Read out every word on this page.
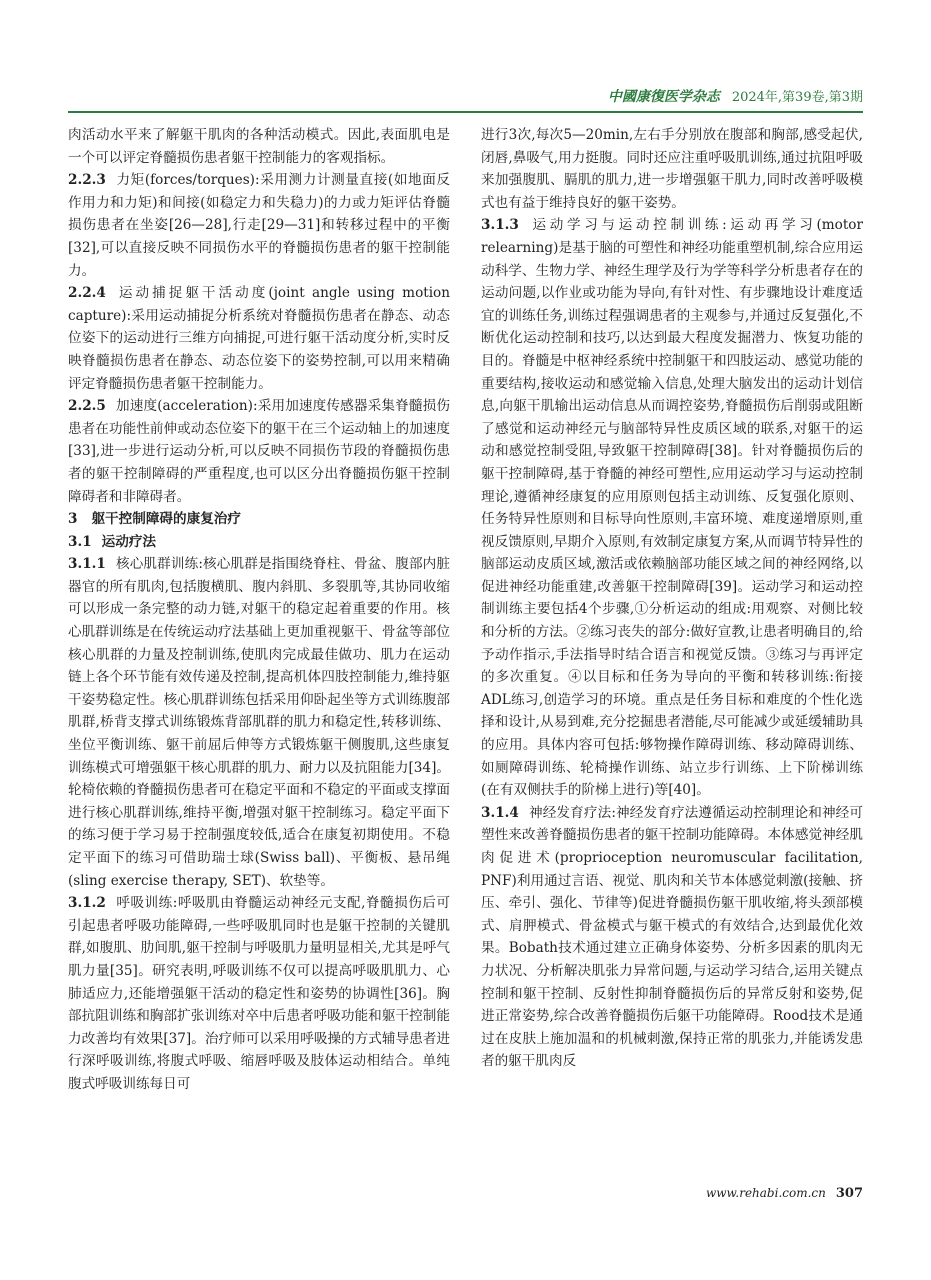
中國康復医学杂志 2024年,第39卷,第3期

肉活动水平来了解躯干肌肉的各种活动模式。因此,表面肌电是一个可以评定脊髓损伤患者躯干控制能力的客观指标。

2.2.3 力矩(forces/torques):采用测力计测量直接(如地面反作用力和力矩)和间接(如稳定力和失稳力)的力或力矩评估脊髓损伤患者在坐姿[26—28],行走[29—31]和转移过程中的平衡[32],可以直接反映不同损伤水平的脊髓损伤患者的躯干控制能力。

2.2.4 运动捕捉躯干活动度(joint angle using motion capture):采用运动捕捉分析系统对脊髓损伤患者在静态、动态位姿下的运动进行三维方向捕捉,可进行躯干活动度分析,实时反映脊髓损伤患者在静态、动态位姿下的姿势控制,可以用来精确评定脊髓损伤患者躯干控制能力。

2.2.5 加速度(acceleration):采用加速度传感器采集脊髓损伤患者在功能性前伸或动态位姿下的躯干在三个运动轴上的加速度[33],进一步进行运动分析,可以反映不同损伤节段的脊髓损伤患者的躯干控制障碍的严重程度,也可以区分出脊髓损伤躯干控制障碍者和非障碍者。

3 躯干控制障碍的康复治疗

3.1 运动疗法

3.1.1 核心肌群训练:核心肌群是指围绕脊柱、骨盆、腹部内脏器官的所有肌肉,包括腹横肌、腹内斜肌、多裂肌等,其协同收缩可以形成一条完整的动力链,对躯干的稳定起着重要的作用。核心肌群训练是在传统运动疗法基础上更加重视躯干、骨盆等部位核心肌群的力量及控制训练,使肌肉完成最佳做功、肌力在运动链上各个环节能有效传递及控制,提高机体四肢控制能力,维持躯干姿势稳定性。核心肌群训练包括采用仰卧起坐等方式训练腹部肌群,桥背支撑式训练锻炼背部肌群的肌力和稳定性,转移训练、坐位平衡训练、躯干前屈后伸等方式锻炼躯干侧腹肌,这些康复训练模式可增强躯干核心肌群的肌力、耐力以及抗阻能力[34]。轮椅依赖的脊髓损伤患者可在稳定平面和不稳定的平面或支撑面进行核心肌群训练,维持平衡,增强对躯干控制练习。稳定平面下的练习便于学习易于控制强度较低,适合在康复初期使用。不稳定平面下的练习可借助瑞士球(Swiss ball)、平衡板、悬吊绳(sling exercise therapy, SET)、软垫等。

3.1.2 呼吸训练:呼吸肌由脊髓运动神经元支配,脊髓损伤后可引起患者呼吸功能障碍,一些呼吸肌同时也是躯干控制的关键肌群,如腹肌、肋间肌,躯干控制与呼吸肌力量明显相关,尤其是呼气肌力量[35]。研究表明,呼吸训练不仅可以提高呼吸肌肌力、心肺适应力,还能增强躯干活动的稳定性和姿势的协调性[36]。胸部抗阻训练和胸部扩张训练对卒中后患者呼吸功能和躯干控制能力改善均有效果[37]。治疗师可以采用呼吸操的方式辅导患者进行深呼吸训练,将腹式呼吸、缩唇呼吸及肢体运动相结合。单纯腹式呼吸训练每日可

进行3次,每次5—20min,左右手分别放在腹部和胸部,感受起伏,闭唇,鼻吸气,用力挺腹。同时还应注重呼吸肌训练,通过抗阻呼吸来加强腹肌、膈肌的肌力,进一步增强躯干肌力,同时改善呼吸模式也有益于维持良好的躯干姿势。

3.1.3 运动学习与运动控制训练:运动再学习(motor relearning)是基于脑的可塑性和神经功能重塑机制,综合应用运动科学、生物力学、神经生理学及行为学等科学分析患者存在的运动问题,以作业或功能为导向,有针对性、有步骤地设计难度适宜的训练任务,训练过程强调患者的主观参与,并通过反复强化,不断优化运动控制和技巧,以达到最大程度发掘潜力、恢复功能的目的。脊髓是中枢神经系统中控制躯干和四肢运动、感觉功能的重要结构,接收运动和感觉输入信息,处理大脑发出的运动计划信息,向躯干肌输出运动信息从而调控姿势,脊髓损伤后削弱或阻断了感觉和运动神经元与脑部特异性皮质区域的联系,对躯干的运动和感觉控制受阻,导致躯干控制障碍[38]。针对脊髓损伤后的躯干控制障碍,基于脊髓的神经可塑性,应用运动学习与运动控制理论,遵循神经康复的应用原则包括主动训练、反复强化原则、任务特异性原则和目标导向性原则,丰富环境、难度递增原则,重视反馈原则,早期介入原则,有效制定康复方案,从而调节特异性的脑部运动皮质区域,激活或依赖脑部功能区域之间的神经网络,以促进神经功能重建,改善躯干控制障碍[39]。运动学习和运动控制训练主要包括4个步骤,①分析运动的组成:用观察、对侧比较和分析的方法。②练习丧失的部分:做好宣教,让患者明确目的,给予动作指示,手法指导时结合语言和视觉反馈。③练习与再评定的多次重复。④以目标和任务为导向的平衡和转移训练:衔接ADL练习,创造学习的环境。重点是任务目标和难度的个性化选择和设计,从易到难,充分挖掘患者潜能,尽可能减少或延缓辅助具的应用。具体内容可包括:够物操作障碍训练、移动障碍训练、如厕障碍训练、轮椅操作训练、站立步行训练、上下阶梯训练(在有双侧扶手的阶梯上进行)等[40]。

3.1.4 神经发育疗法:神经发育疗法遵循运动控制理论和神经可塑性来改善脊髓损伤患者的躯干控制功能障碍。本体感觉神经肌肉促进术(proprioception neuromuscular facilitation, PNF)利用通过言语、视觉、肌肉和关节本体感觉刺激(接触、挤压、牵引、强化、节律等)促进脊髓损伤躯干肌收缩,将头颈部模式、肩胛模式、骨盆模式与躯干模式的有效结合,达到最优化效果。Bobath技术通过建立正确身体姿势、分析多因素的肌肉无力状况、分析解决肌张力异常问题,与运动学习结合,运用关键点控制和躯干控制、反射性抑制脊髓损伤后的异常反射和姿势,促进正常姿势,综合改善脊髓损伤后躯干功能障碍。Rood技术是通过在皮肤上施加温和的机械刺激,保持正常的肌张力,并能诱发患者的躯干肌肉反

www.rehabi.com.cn 307
